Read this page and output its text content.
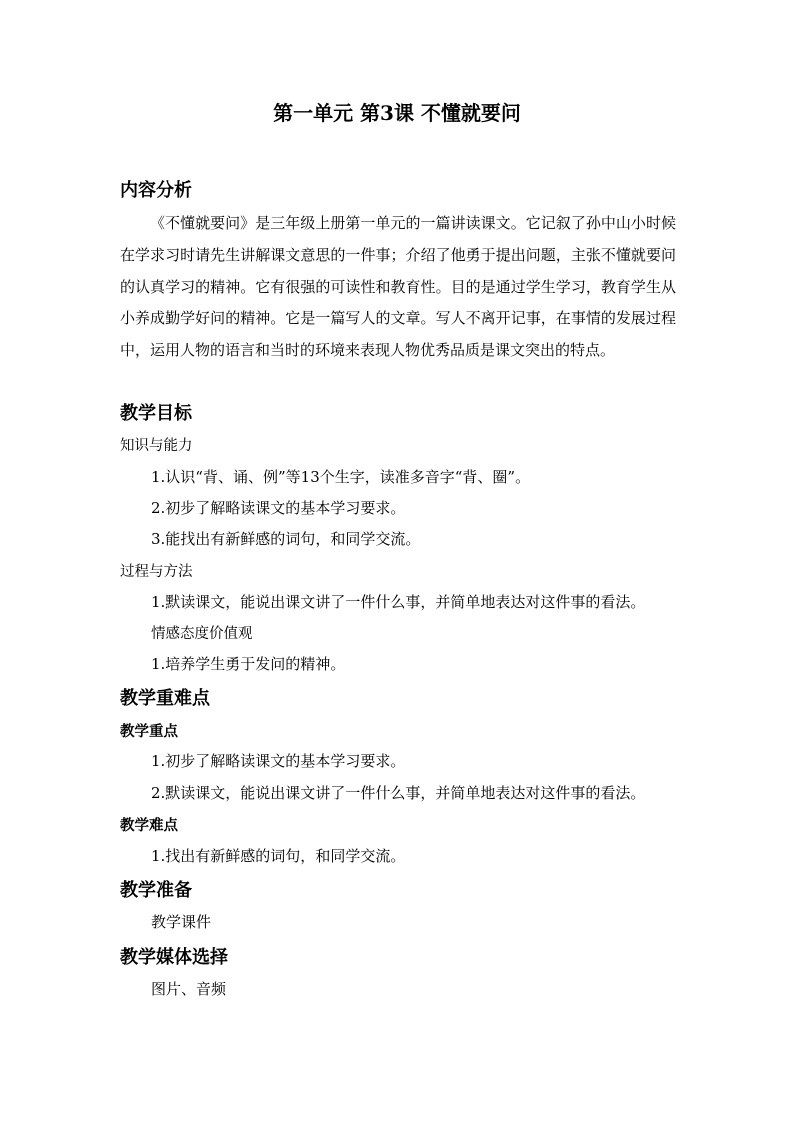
第一单元 第3课 不懂就要问
内容分析
《不懂就要问》是三年级上册第一单元的一篇讲读课文。它记叙了孙中山小时候在学求习时请先生讲解课文意思的一件事；介绍了他勇于提出问题，主张不懂就要问的认真学习的精神。它有很强的可读性和教育性。目的是通过学生学习，教育学生从小养成勤学好问的精神。它是一篇写人的文章。写人不离开记事，在事情的发展过程中，运用人物的语言和当时的环境来表现人物优秀品质是课文突出的特点。
教学目标
知识与能力
1.认识“背、诵、例”等13个生字，读准多音字“背、圈”。
2.初步了解略读课文的基本学习要求。
3.能找出有新鲜感的词句，和同学交流。
过程与方法
1.默读课文，能说出课文讲了一件什么事，并简单地表达对这件事的看法。
情感态度价值观
1.培养学生勇于发问的精神。
教学重难点
教学重点
1.初步了解略读课文的基本学习要求。
2.默读课文，能说出课文讲了一件什么事，并简单地表达对这件事的看法。
教学难点
1.找出有新鲜感的词句，和同学交流。
教学准备
教学课件
教学媒体选择
图片、音频
